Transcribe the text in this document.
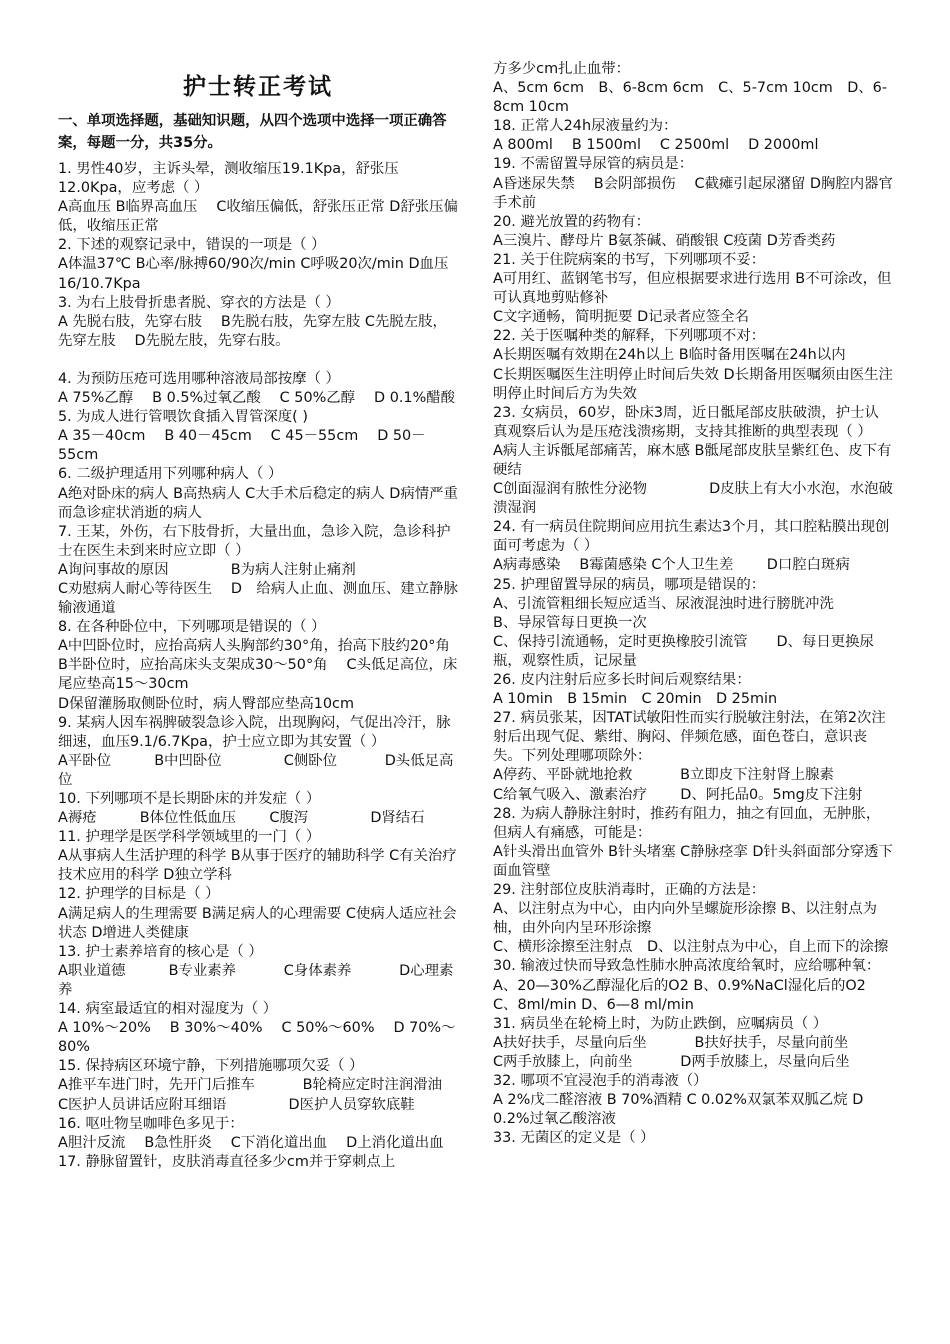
护士转正考试
一、单项选择题，基础知识题，从四个选项中选择一项正确答案，每题一分，共35分。

1. 男性40岁，主诉头晕，测收缩压19.1Kpa，舒张压12.0Kpa，应考虑（ ）

A高血压 B临界高血压　 C收缩压偏低，舒张压正常 D舒张压偏低，收缩压正常

2. 下述的观察记录中，错误的一项是（ ）

A体温37℃ B心率/脉搏60/90次/min C呼吸20次/min D血压16/10.7Kpa

3. 为右上肢骨折患者脱、穿衣的方法是（ ）

A 先脱右肢，先穿右肢　 B先脱右肢，先穿左肢 C先脱左肢，先穿左肢　 D先脱左肢，先穿右肢。

4. 为预防压疮可选用哪种溶液局部按摩（ ）

A 75%乙醇　 B 0.5%过氧乙酸　 C 50%乙醇　 D 0.1%醋酸

5. 为成人进行管喂饮食插入胃管深度( )

A 35－40cm　 B 40－45cm　 C 45－55cm　 D 50－55cm

6. 二级护理适用下列哪种病人（ ）

A绝对卧床的病人 B高热病人 C大手术后稳定的病人 D病情严重而急诊症状消逝的病人

7. 王某，外伤，右下肢骨折，大量出血，急诊入院，急诊科护士在医生未到来时应立即（ ）

A询问事故的原因　　　　 B为病人注射止痛剂

C劝慰病人耐心等待医生　 D　给病人止血、测血压、建立静脉输液通道

8. 在各种卧位中，下列哪项是错误的（ ）

A中凹卧位时，应抬高病人头胸部约30°角，抬高下肢约20°角

B半卧位时，应抬高床头支架成30～50°角　 C头低足高位，床尾应垫高15～30cm

D保留灌肠取侧卧位时，病人臀部应垫高10cm

9. 某病人因车祸脾破裂急诊入院，出现胸闷，气促出冷汗，脉细速，血压9.1/6.7Kpa，护士应立即为其安置（ ）

A平卧位　　　B中凹卧位　　　　 C侧卧位　　　 D头低足高位

10. 下列哪项不是长期卧床的并发症（ ）

A褥疮　　　B体位性低血压　　 C腹泻　　　　 D肾结石

11. 护理学是医学科学领域里的一门（ ）

A从事病人生活护理的科学 B从事于医疗的辅助科学 C有关治疗技术应用的科学 D独立学科

12. 护理学的目标是（ ）

A满足病人的生理需要 B满足病人的心理需要 C使病人适应社会状态 D增进人类健康

13. 护士素养培育的核心是（ ）

A职业道德　　　B专业素养　　　 C身体素养　　　 D心理素养

14. 病室最适宜的相对湿度为（ ）

A 10%～20%　 B 30%～40%　 C 50%～60%　 D 70%～80%

15. 保持病区环境宁静，下列措施哪项欠妥（ ）

A推平车进门时，先开门后推车　　　 B轮椅应定时注润滑油

C医护人员讲话应附耳细语　　　　 D医护人员穿软底鞋

16. 呕吐物呈咖啡色多见于：

A胆汁反流　 B急性肝炎　 C下消化道出血　 D上消化道出血

17. 静脉留置针，皮肤消毒直径多少cm并于穿刺点上

方多少cm扎止血带：

A、5cm 6cm　B、6-8cm 6cm　C、5-7cm 10cm　D、6-8cm 10cm

18. 正常人24h尿液量约为：

A 800ml　 B 1500ml　 C 2500ml　 D 2000ml

19. 不需留置导尿管的病员是：

A昏迷尿失禁　 B会阴部损伤　 C截瘫引起尿潴留 D胸腔内器官手术前

20. 避光放置的药物有：

A三溴片、酵母片 B氨茶碱、硝酸银 C疫菌 D芳香类药

21. 关于住院病案的书写，下列哪项不妥：

A可用红、蓝钢笔书写，但应根据要求进行选用 B不可涂改，但可认真地剪贴修补

C文字通畅，简明扼要 D记录者应签全名

22. 关于医嘱种类的解释，下列哪项不对：

A长期医嘱有效期在24h以上 B临时备用医嘱在24h以内

C长期医嘱医生注明停止时间后失效 D长期备用医嘱须由医生注明停止时间后方为失效

23. 女病员，60岁，卧床3周，近日骶尾部皮肤破溃，护士认真观察后认为是压疮浅溃疡期，支持其推断的典型表现（ ）

A病人主诉骶尾部痛苦，麻木感 B骶尾部皮肤呈紫红色、皮下有硬结

C创面湿润有脓性分泌物　　　　 D皮肤上有大小水泡，水泡破溃湿润

24. 有一病员住院期间应用抗生素达3个月，其口腔粘膜出现创面可考虑为（ ）

A病毒感染　 B霉菌感染 C个人卫生差　　 D口腔白斑病

25. 护理留置导尿的病员，哪项是错误的：

A、引流管粗细长短应适当、尿液混浊时进行膀胱冲洗

B、导尿管每日更换一次

C、保持引流通畅，定时更换橡胶引流管　　D、每日更换尿瓶，观察性质，记尿量

26. 皮内注射后应多长时间后观察结果：

A 10min　B 15min　C 20min　D 25min

27. 病员张某，因TAT试敏阳性而实行脱敏注射法，在第2次注射后出现气促、紫绀、胸闷、伴频危感，面色苍白，意识丧失。下列处理哪项除外：

A停药、平卧就地抢救　　　 B立即皮下注射肾上腺素

C给氧气吸入、激素治疗　　 D、阿托品0。5mg皮下注射

28. 为病人静脉注射时，推药有阻力，抽之有回血，无肿胀，但病人有痛感，可能是：

A针头滑出血管外 B针头堵塞 C静脉痉挛 D针头斜面部分穿透下面血管壁

29. 注射部位皮肤消毒时，正确的方法是：

A、以注射点为中心，由内向外呈螺旋形涂擦 B、以注射点为柚，由外向内呈环形涂擦

C、横形涂擦至注射点　D、以注射点为中心，自上而下的涂擦

30. 输液过快而导致急性肺水肿高浓度给氧时，应给哪种氧：

A、20—30%乙醇湿化后的O2 B、0.9%NaCl湿化后的O2 C、8ml/min D、6—8 ml/min

31. 病员坐在轮椅上时，为防止跌倒，应嘱病员（ ）

A扶好扶手，尽量向后坐　　　 B扶好扶手，尽量向前坐

C两手放膝上，向前坐　　　 D两手放膝上，尽量向后坐

32. 哪项不宜浸泡手的消毒液（）

A 2%戊二醛溶液 B 70%酒精 C 0.02%双氯苯双胍乙烷 D 0.2%过氧乙酸溶液

33. 无菌区的定义是（ ）
